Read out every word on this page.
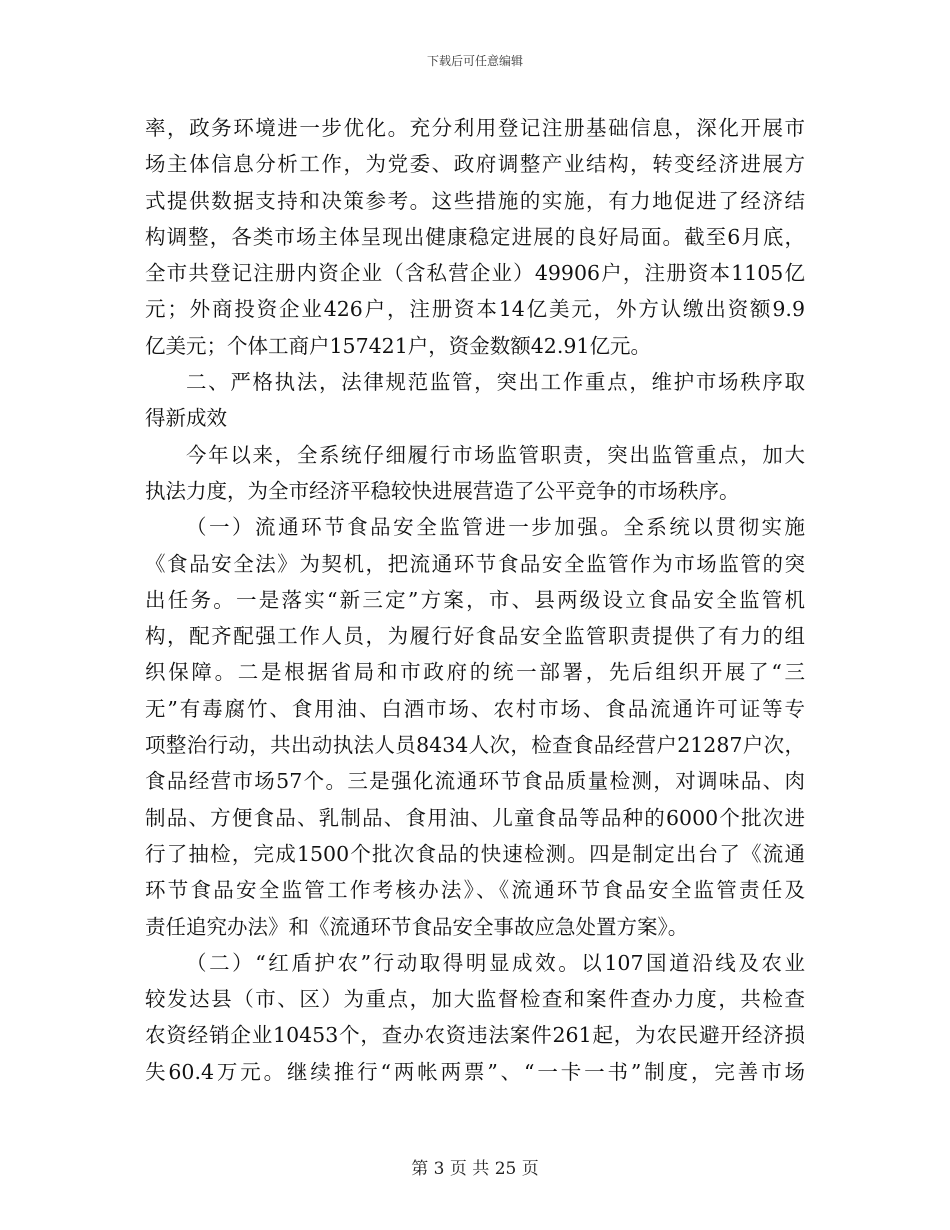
下载后可任意编辑
率，政务环境进一步优化。充分利用登记注册基础信息，深化开展市
场主体信息分析工作，为党委、政府调整产业结构，转变经济进展方
式提供数据支持和决策参考。这些措施的实施，有力地促进了经济结
构调整，各类市场主体呈现出健康稳定进展的良好局面。截至6月底，
全市共登记注册内资企业（含私营企业）49906户，注册资本1105亿
元；外商投资企业426户，注册资本14亿美元，外方认缴出资额9.9
亿美元；个体工商户157421户，资金数额42.91亿元。
二、严格执法，法律规范监管，突出工作重点，维护市场秩序取
得新成效
今年以来，全系统仔细履行市场监管职责，突出监管重点，加大
执法力度，为全市经济平稳较快进展营造了公平竞争的市场秩序。
（一）流通环节食品安全监管进一步加强。全系统以贯彻实施
《食品安全法》为契机，把流通环节食品安全监管作为市场监管的突
出任务。一是落实“新三定”方案，市、县两级设立食品安全监管机
构，配齐配强工作人员，为履行好食品安全监管职责提供了有力的组
织保障。二是根据省局和市政府的统一部署，先后组织开展了“三
无”有毒腐竹、食用油、白酒市场、农村市场、食品流通许可证等专
项整治行动，共出动执法人员8434人次，检查食品经营户21287户次，
食品经营市场57个。三是强化流通环节食品质量检测，对调味品、肉
制品、方便食品、乳制品、食用油、儿童食品等品种的6000个批次进
行了抽检，完成1500个批次食品的快速检测。四是制定出台了《流通
环节食品安全监管工作考核办法》、《流通环节食品安全监管责任及
责任追究办法》和《流通环节食品安全事故应急处置方案》。
（二）“红盾护农”行动取得明显成效。以107国道沿线及农业
较发达县（市、区）为重点，加大监督检查和案件查办力度，共检查
农资经销企业10453个，查办农资违法案件261起，为农民避开经济损
失60.4万元。继续推行“两帐两票”、“一卡一书”制度，完善市场
第 3 页 共 25 页
